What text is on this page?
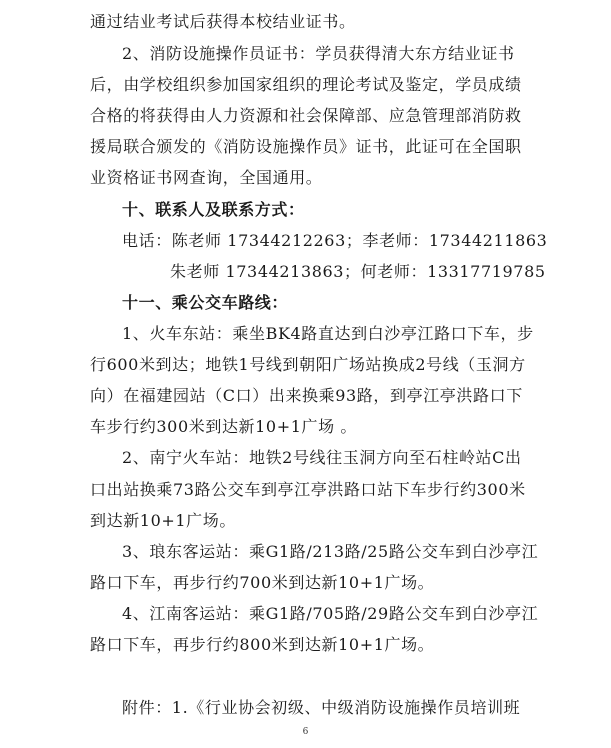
通过结业考试后获得本校结业证书。
2、消防设施操作员证书：学员获得清大东方结业证书
后，由学校组织参加国家组织的理论考试及鉴定，学员成绩
合格的将获得由人力资源和社会保障部、应急管理部消防救
援局联合颁发的《消防设施操作员》证书，此证可在全国职
业资格证书网查询，全国通用。
十、联系人及联系方式：
电话：陈老师 17344212263；李老师：17344211863
朱老师 17344213863；何老师：13317719785
十一、乘公交车路线：
1、火车东站：乘坐BK4路直达到白沙亭江路口下车，步
行600米到达；地铁1号线到朝阳广场站换成2号线（玉洞方
向）在福建园站（C口）出来换乘93路，到亭江亭洪路口下
车步行约300米到达新10+1广场 。
2、南宁火车站：地铁2号线往玉洞方向至石柱岭站C出
口出站换乘73路公交车到亭江亭洪路口站下车步行约300米
到达新10+1广场。
3、琅东客运站：乘G1路/213路/25路公交车到白沙亭江
路口下车，再步行约700米到达新10+1广场。
4、江南客运站：乘G1路/705路/29路公交车到白沙亭江
路口下车，再步行约800米到达新10+1广场。
附件：1.《行业协会初级、中级消防设施操作员培训班
6
